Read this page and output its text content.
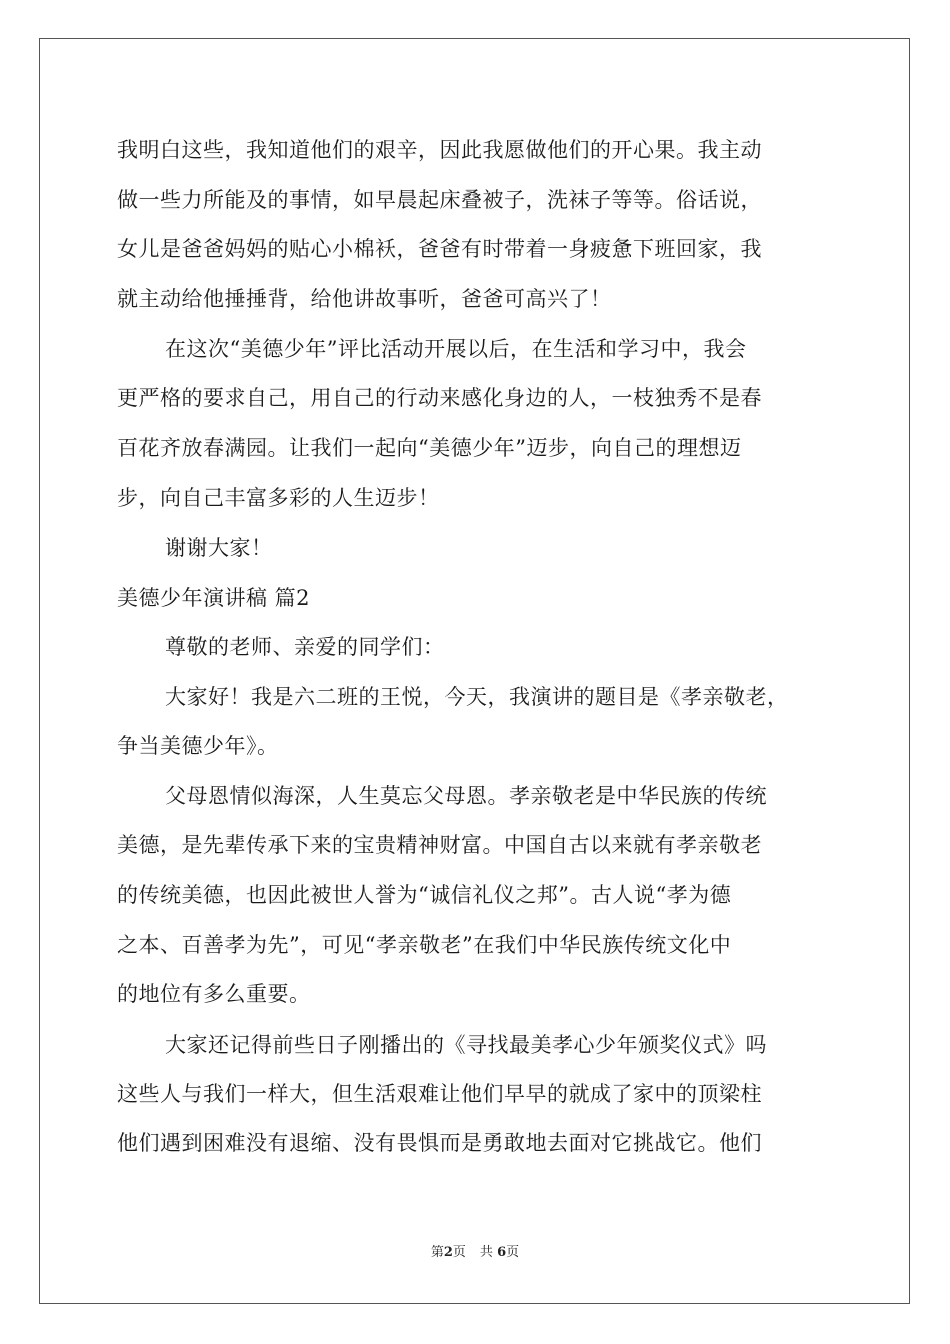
我明白这些，我知道他们的艰辛，因此我愿做他们的开心果。我主动
做一些力所能及的事情，如早晨起床叠被子，洗袜子等等。俗话说，
女儿是爸爸妈妈的贴心小棉袄，爸爸有时带着一身疲惫下班回家，我
就主动给他捶捶背，给他讲故事听，爸爸可高兴了！
在这次“美德少年”评比活动开展以后，在生活和学习中，我会
更严格的要求自己，用自己的行动来感化身边的人，一枝独秀不是春
百花齐放春满园。让我们一起向“美德少年”迈步，向自己的理想迈
步，向自己丰富多彩的人生迈步！
谢谢大家！
美德少年演讲稿 篇2
尊敬的老师、亲爱的同学们：
大家好！我是六二班的王悦，今天，我演讲的题目是《孝亲敬老，
争当美德少年》。
父母恩情似海深，人生莫忘父母恩。孝亲敬老是中华民族的传统
美德，是先辈传承下来的宝贵精神财富。中国自古以来就有孝亲敬老
的传统美德，也因此被世人誉为“诚信礼仪之邦”。古人说“孝为德
之本、百善孝为先”，可见“孝亲敬老”在我们中华民族传统文化中
的地位有多么重要。
大家还记得前些日子刚播出的《寻找最美孝心少年颁奖仪式》吗
这些人与我们一样大，但生活艰难让他们早早的就成了家中的顶梁柱
他们遇到困难没有退缩、没有畏惧而是勇敢地去面对它挑战它。他们
第2页 共 6页
